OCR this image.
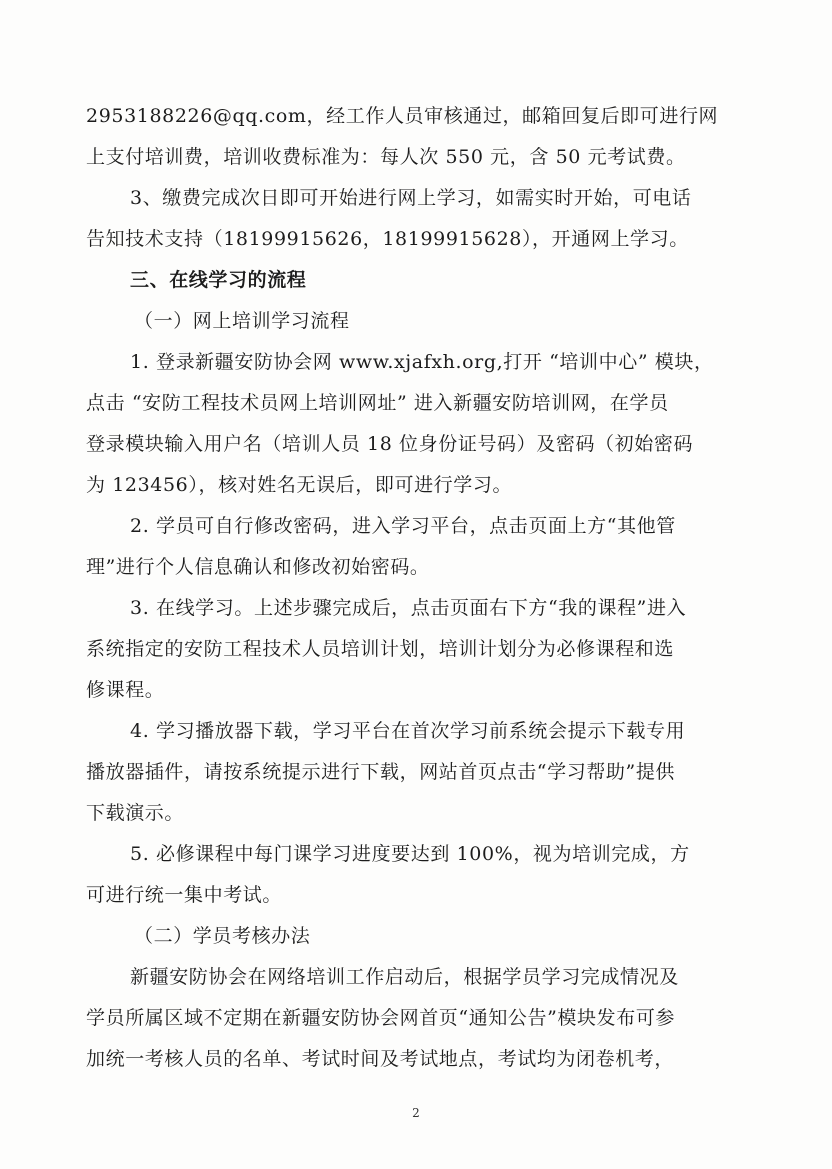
2953188226@qq.com，经工作人员审核通过，邮箱回复后即可进行网
上支付培训费，培训收费标准为：每人次 550 元，含 50 元考试费。
3、缴费完成次日即可开始进行网上学习，如需实时开始，可电话
告知技术支持（18199915626，18199915628），开通网上学习。
三、在线学习的流程
（一）网上培训学习流程
1. 登录新疆安防协会网 www.xjafxh.org,打开 “培训中心” 模块，
点击 “安防工程技术员网上培训网址” 进入新疆安防培训网，在学员
登录模块输入用户名（培训人员 18 位身份证号码）及密码（初始密码
为 123456），核对姓名无误后，即可进行学习。
2. 学员可自行修改密码，进入学习平台，点击页面上方“其他管
理”进行个人信息确认和修改初始密码。
3. 在线学习。上述步骤完成后，点击页面右下方“我的课程”进入
系统指定的安防工程技术人员培训计划，培训计划分为必修课程和选
修课程。
4. 学习播放器下载，学习平台在首次学习前系统会提示下载专用
播放器插件，请按系统提示进行下载，网站首页点击“学习帮助”提供
下载演示。
5. 必修课程中每门课学习进度要达到 100%，视为培训完成，方
可进行统一集中考试。
（二）学员考核办法
新疆安防协会在网络培训工作启动后，根据学员学习完成情况及
学员所属区域不定期在新疆安防协会网首页“通知公告”模块发布可参
加统一考核人员的名单、考试时间及考试地点，考试均为闭卷机考，
2
